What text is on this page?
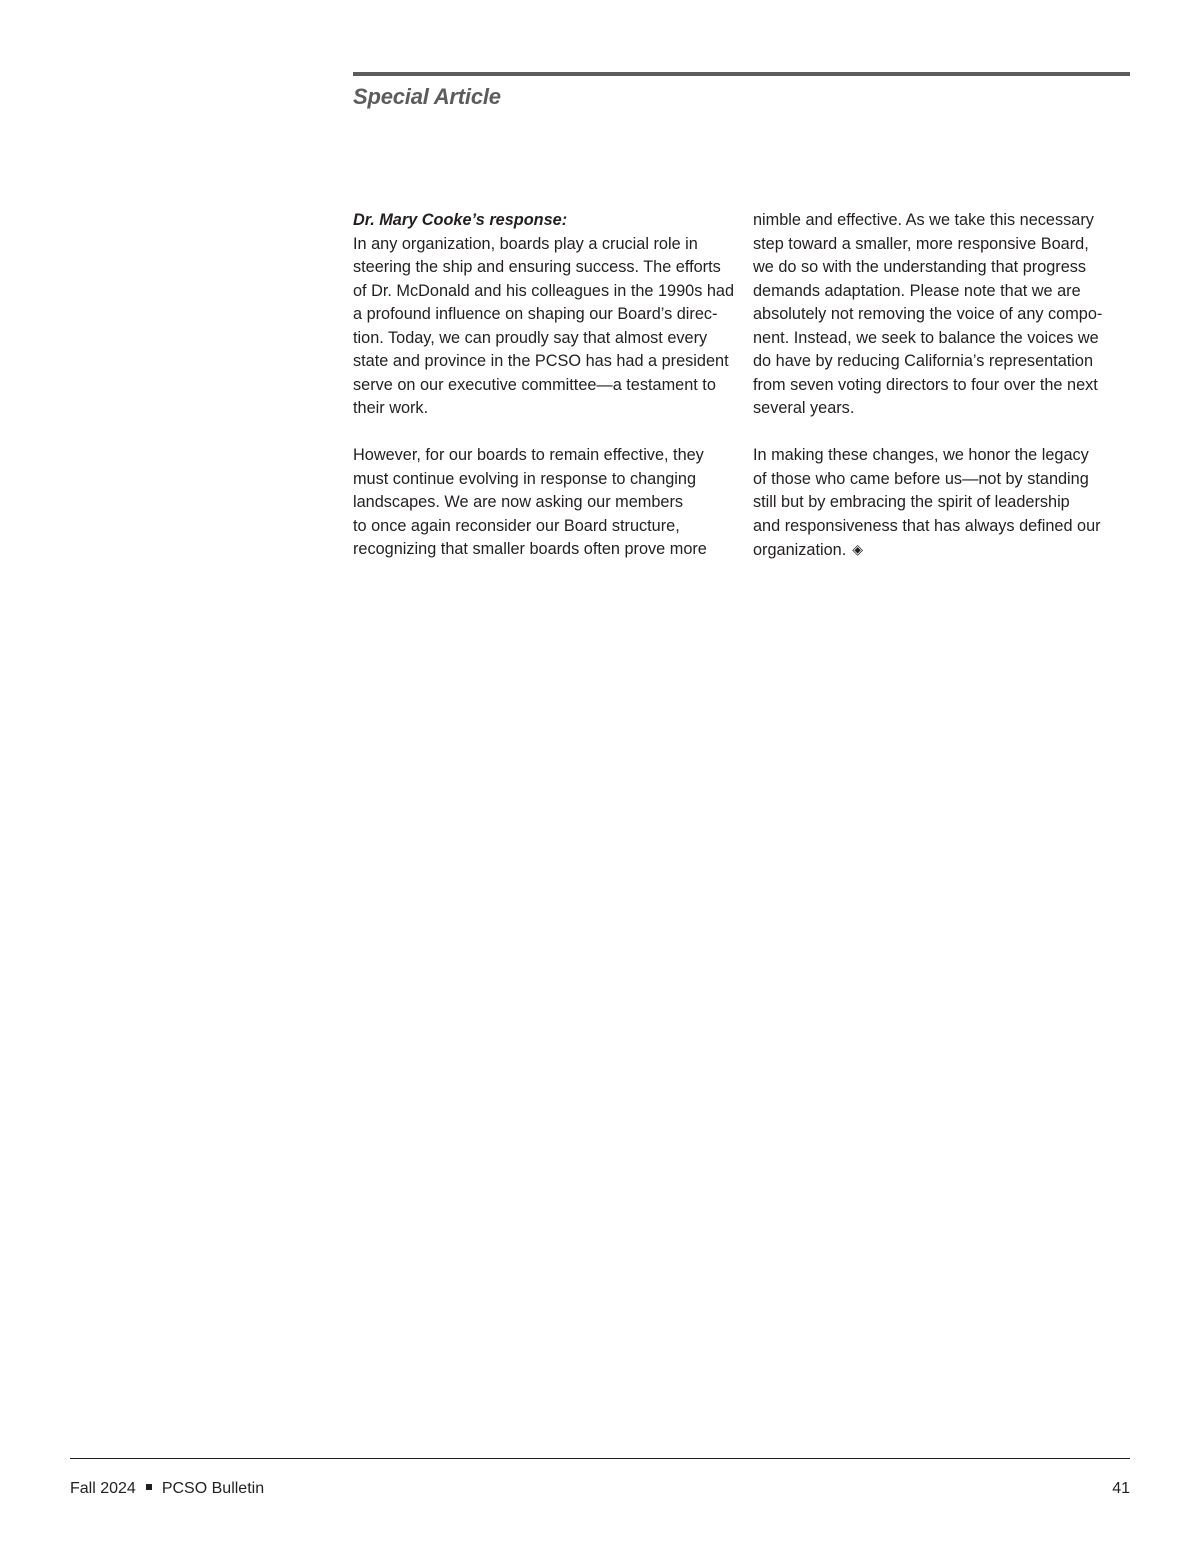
Special Article
Dr. Mary Cooke’s response:
In any organization, boards play a crucial role in
steering the ship and ensuring success. The efforts
of Dr. McDonald and his colleagues in the 1990s had
a profound influence on shaping our Board’s direc-
tion. Today, we can proudly say that almost every
state and province in the PCSO has had a president
serve on our executive committee—a testament to
their work.
However, for our boards to remain effective, they
must continue evolving in response to changing
landscapes. We are now asking our members
to once again reconsider our Board structure,
recognizing that smaller boards often prove more
nimble and effective. As we take this necessary
step toward a smaller, more responsive Board,
we do so with the understanding that progress
demands adaptation. Please note that we are
absolutely not removing the voice of any compo-
nent. Instead, we seek to balance the voices we
do have by reducing California’s representation
from seven voting directors to four over the next
several years.
In making these changes, we honor the legacy
of those who came before us—not by standing
still but by embracing the spirit of leadership
and responsiveness that has always defined our
organization. ◈
Fall 2024 PCSO Bulletin	41
